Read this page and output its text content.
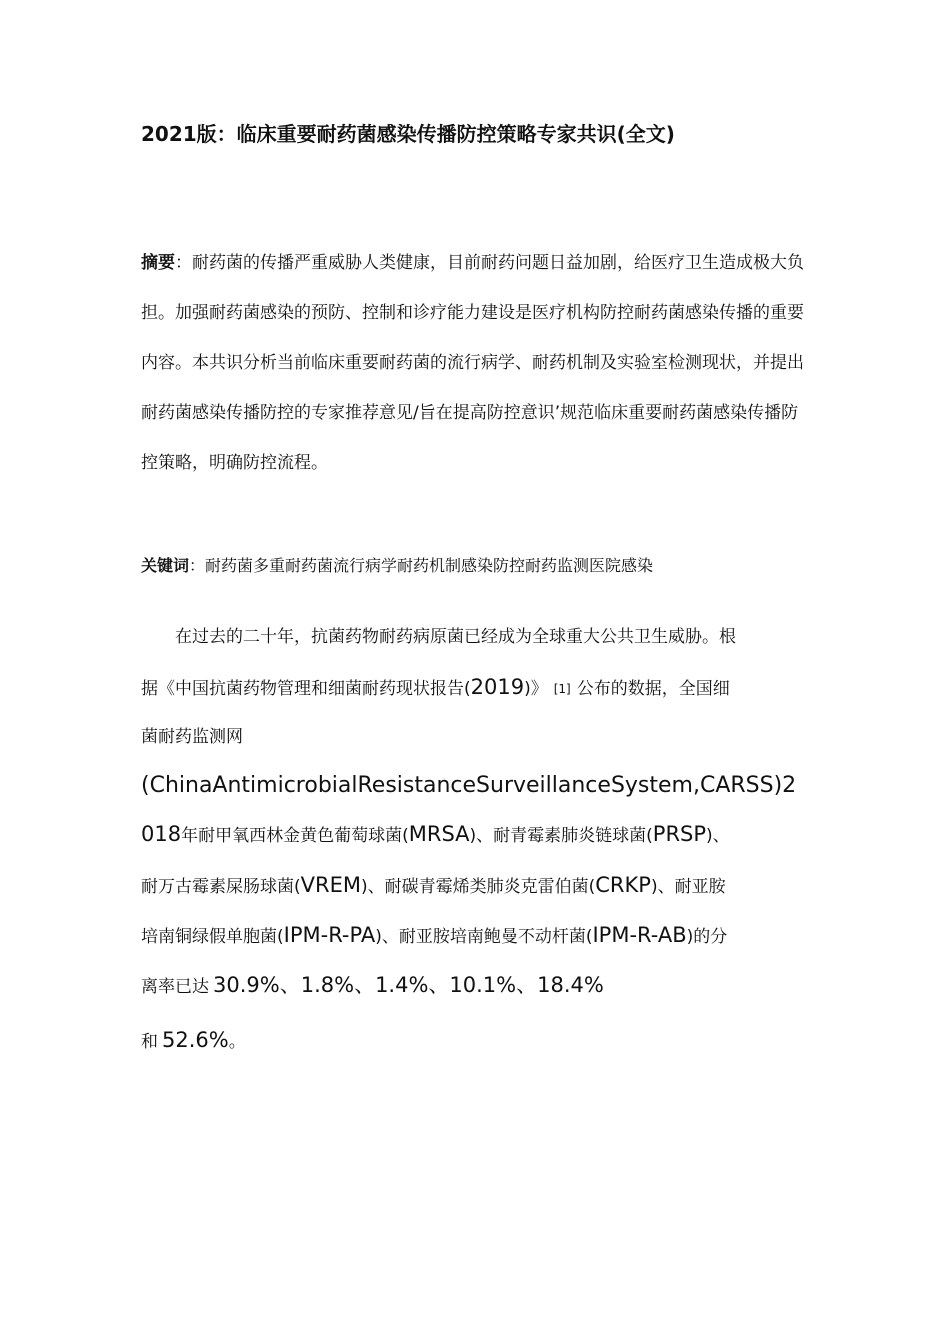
2021版：临床重要耐药菌感染传播防控策略专家共识(全文)

摘要：耐药菌的传播严重威胁人类健康，目前耐药问题日益加剧，给医疗卫生造成极大负担。加强耐药菌感染的预防、控制和诊疗能力建设是医疗机构防控耐药菌感染传播的重要内容。本共识分析当前临床重要耐药菌的流行病学、耐药机制及实验室检测现状，并提出耐药菌感染传播防控的专家推荐意见/旨在提高防控意识’规范临床重要耐药菌感染传播防控策略，明确防控流程。

关键词：耐药菌多重耐药菌流行病学耐药机制感染防控耐药监测医院感染

在过去的二十年，抗菌药物耐药病原菌已经成为全球重大公共卫生威胁。根
据《中国抗菌药物管理和细菌耐药现状报告(2019)》 [1] 公布的数据，全国细
菌耐药监测网
(ChinaAntimicrobialResistanceSurveillanceSystem,CARSS)2
018年耐甲氧西林金黄色葡萄球菌(MRSA)、耐青霉素肺炎链球菌(PRSP)、
耐万古霉素屎肠球菌(VREM)、耐碳青霉烯类肺炎克雷伯菌(CRKP)、耐亚胺
培南铜绿假单胞菌(IPM-R-PA)、耐亚胺培南鲍曼不动杆菌(IPM-R-AB)的分
离率已达 30.9%、1.8%、1.4%、10.1%、18.4%
和 52.6%。
